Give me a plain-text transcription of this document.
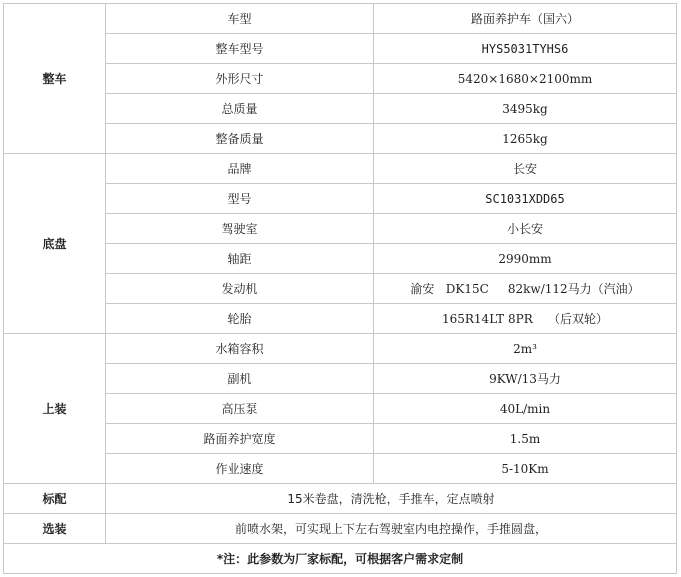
整车	车型	路面养护车（国六）
	整车型号	HYS5031TYHS6
	外形尺寸	5420×1680×2100mm
	总质量	3495kg
	整备质量	1265kg
底盘	品牌	长安
	型号	SC1031XDD65
	驾驶室	小长安
	轴距	2990mm
	发动机	渝安   DK15C     82kw/112马力（汽油）
	轮胎	165R14LT 8PR    （后双轮）
上装	水箱容积	2m³
	副机	9KW/13马力
	高压泵	40L/min
	路面养护宽度	1.5m
	作业速度	5-10Km
标配	15米卷盘，清洗枪，手推车，定点喷射	
选装	前喷水架，可实现上下左右驾驶室内电控操作，手推圆盘，	
*注：此参数为厂家标配，可根据客户需求定制		
